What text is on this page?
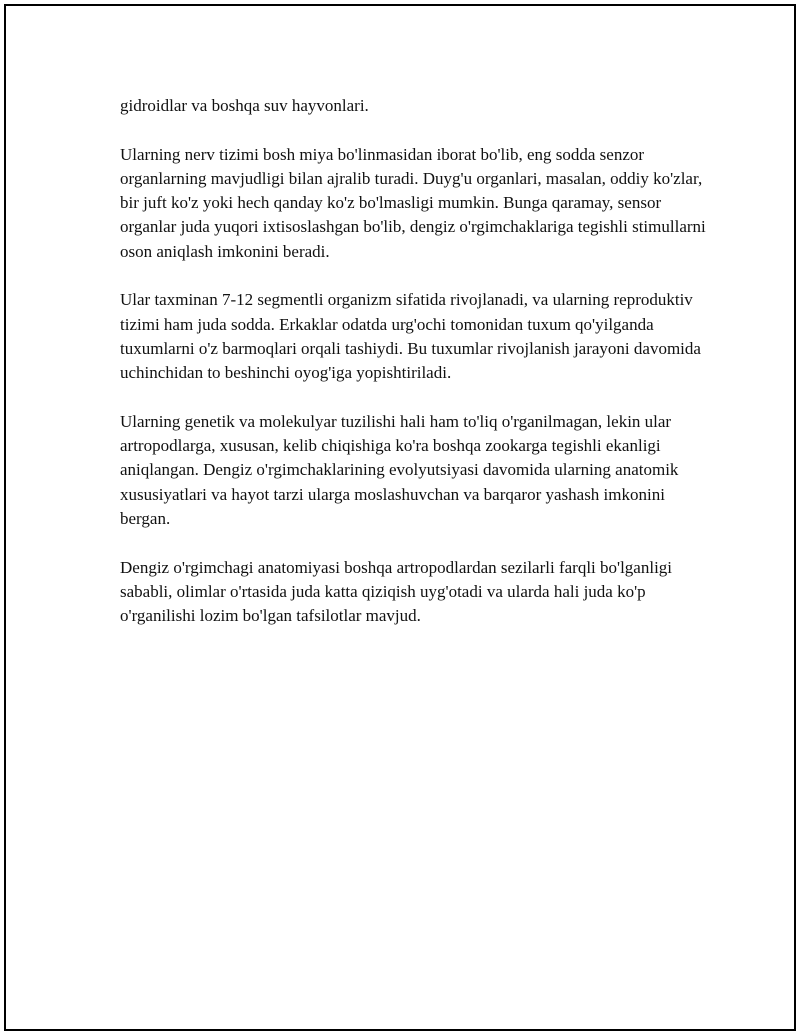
gidroidlar va boshqa suv hayvonlari.

Ularning nerv tizimi bosh miya bo'linmasidan iborat bo'lib, eng sodda senzor organlarning mavjudligi bilan ajralib turadi. Duyg'u organlari, masalan, oddiy ko'zlar, bir juft ko'z yoki hech qanday ko'z bo'lmasligi mumkin. Bunga qaramay, sensor organlar juda yuqori ixtisoslashgan bo'lib, dengiz o'rgimchaklariga tegishli stimullarni oson aniqlash imkonini beradi.

Ular taxminan 7-12 segmentli organizm sifatida rivojlanadi, va ularning reproduktiv tizimi ham juda sodda. Erkaklar odatda urg'ochi tomonidan tuxum qo'yilganda tuxumlarni o'z barmoqlari orqali tashiydi. Bu tuxumlar rivojlanish jarayoni davomida uchinchidan to beshinchi oyog'iga yopishtiriladi.

Ularning genetik va molekulyar tuzilishi hali ham to'liq o'rganilmagan, lekin ular artropodlarga, xususan, kelib chiqishiga ko'ra boshqa zookarga tegishli ekanligi aniqlangan. Dengiz o'rgimchaklarining evolyutsiyasi davomida ularning anatomik xususiyatlari va hayot tarzi ularga moslashuvchan va barqaror yashash imkonini bergan.

Dengiz o'rgimchagi anatomiyasi boshqa artropodlardan sezilarli farqli bo'lganligi sababli, olimlar o'rtasida juda katta qiziqish uyg'otadi va ularda hali juda ko'p o'rganilishi lozim bo'lgan tafsilotlar mavjud.
